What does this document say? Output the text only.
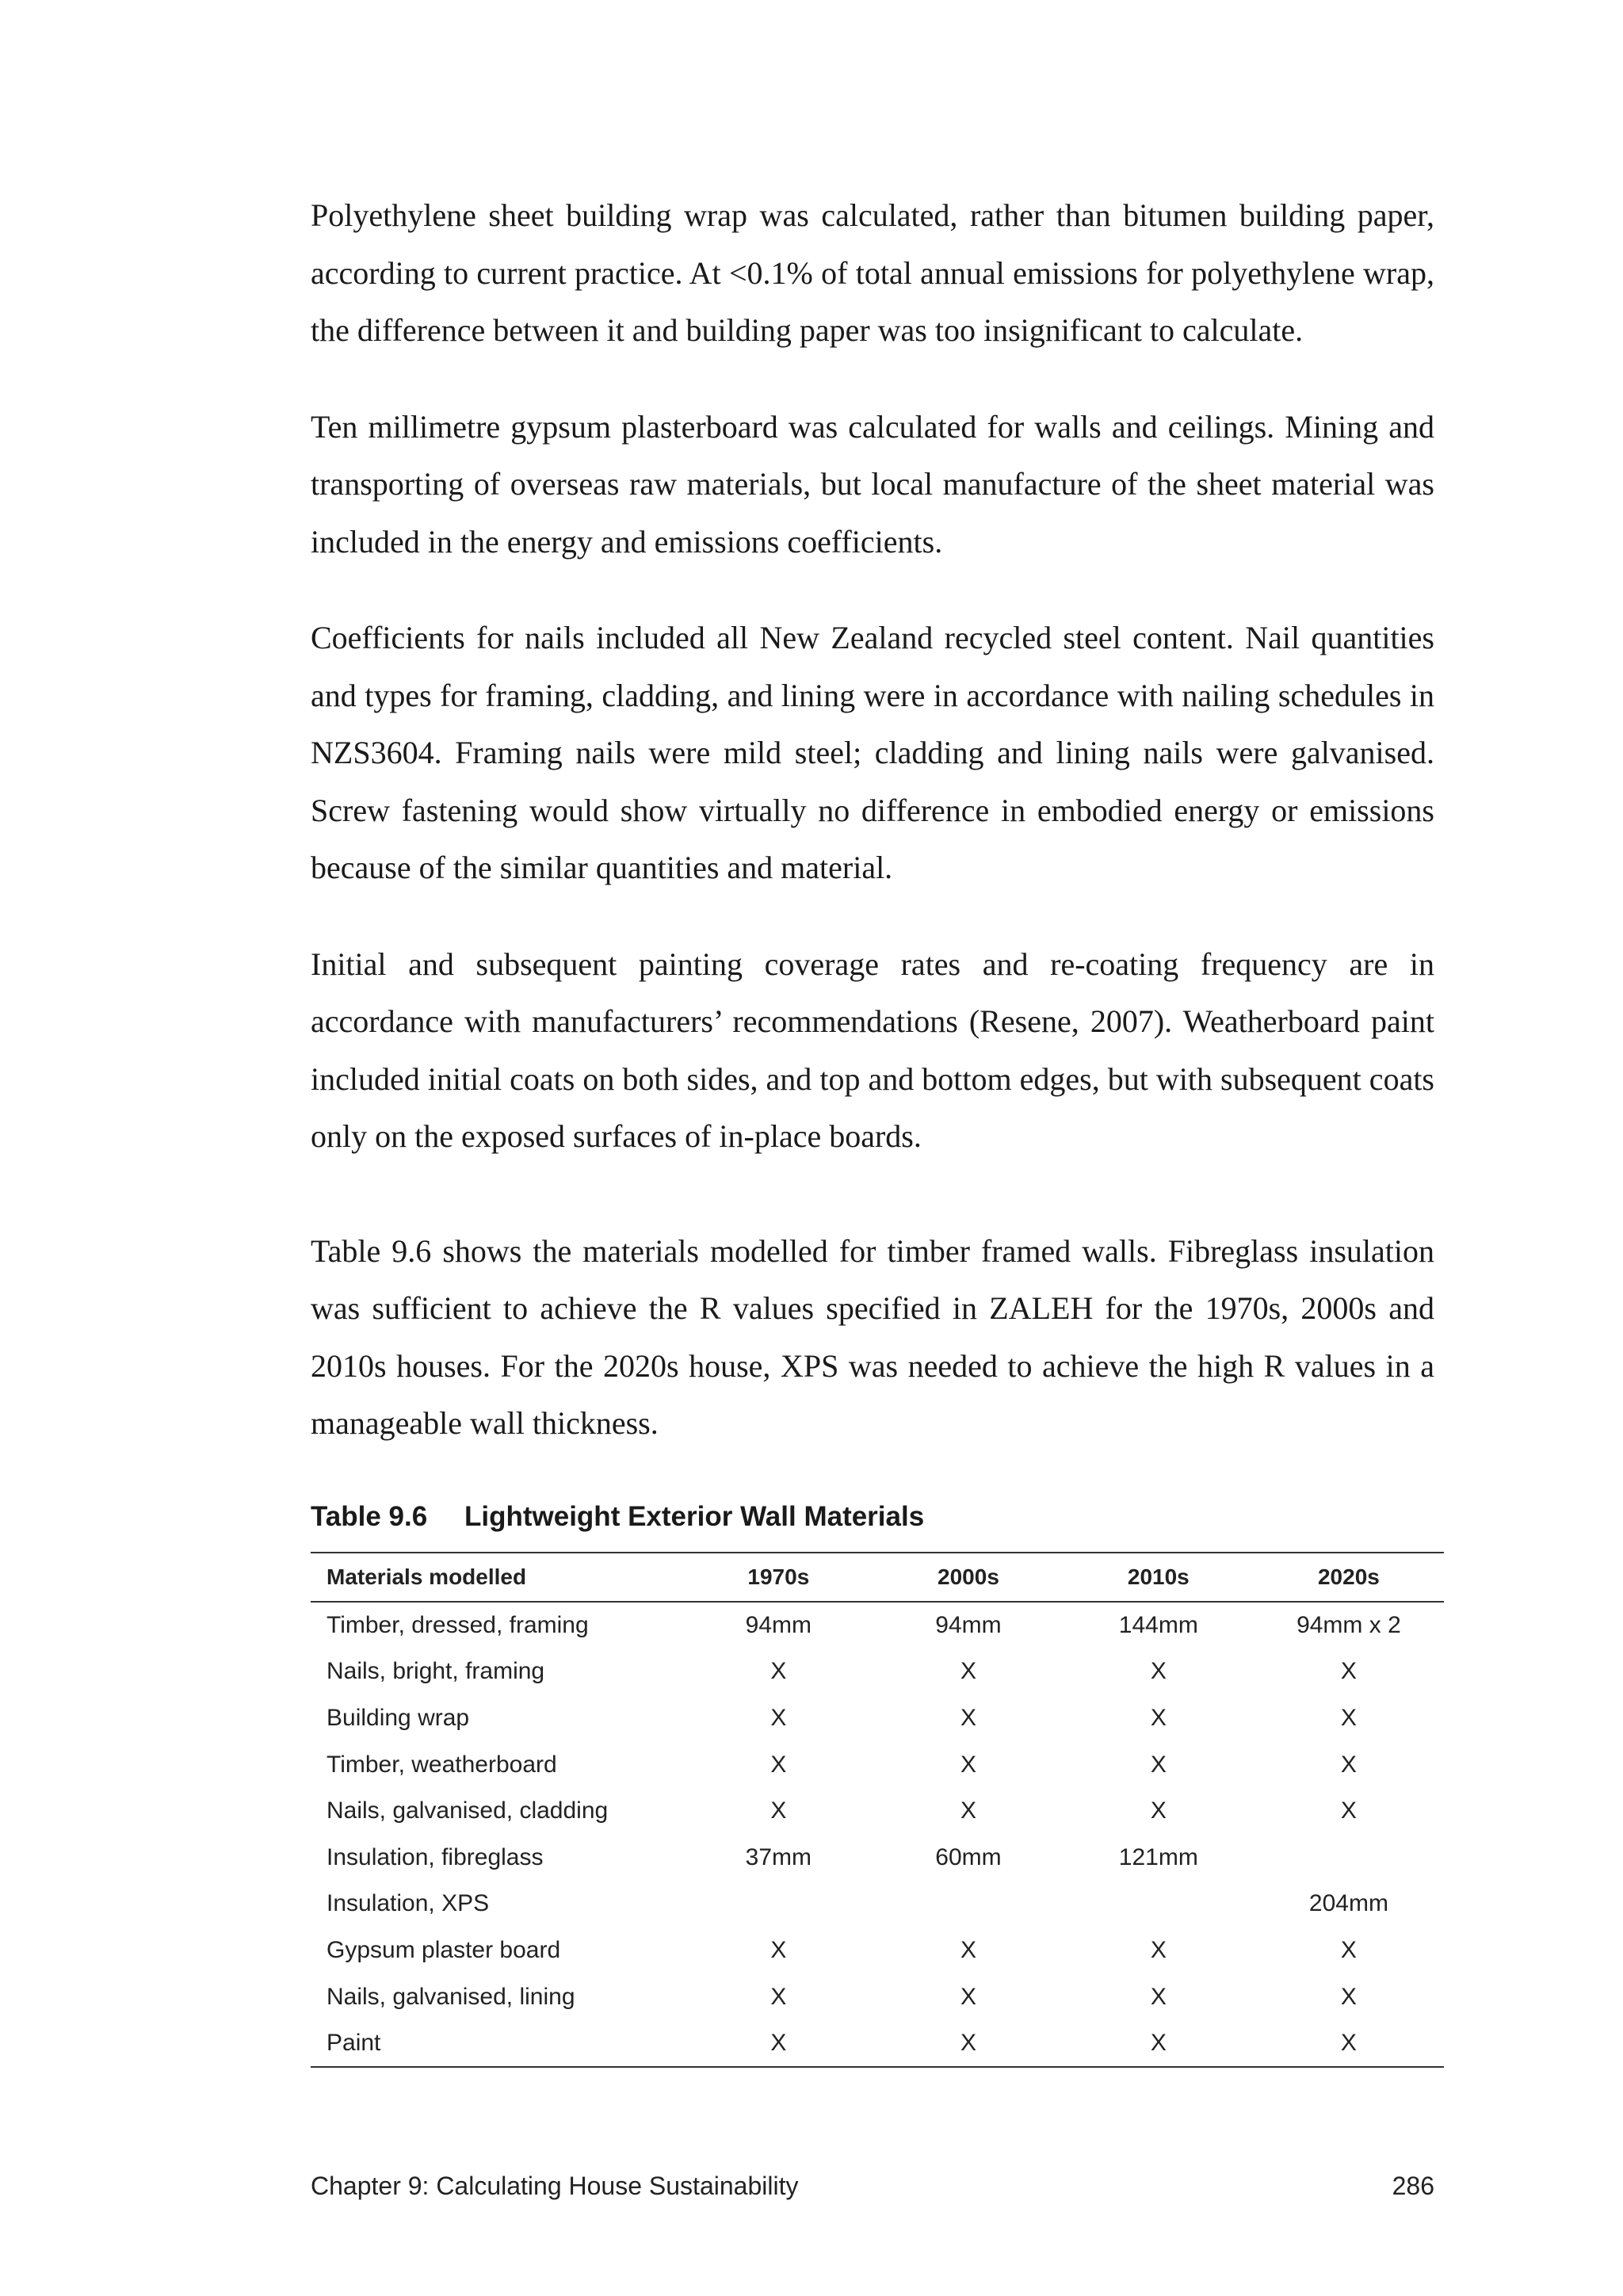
Polyethylene sheet building wrap was calculated, rather than bitumen building paper, according to current practice. At <0.1% of total annual emissions for polyethylene wrap, the difference between it and building paper was too insignificant to calculate.

Ten millimetre gypsum plasterboard was calculated for walls and ceilings. Mining and transporting of overseas raw materials, but local manufacture of the sheet material was included in the energy and emissions coefficients.

Coefficients for nails included all New Zealand recycled steel content. Nail quantities and types for framing, cladding, and lining were in accordance with nailing schedules in NZS3604. Framing nails were mild steel; cladding and lining nails were galvanised. Screw fastening would show virtually no difference in embodied energy or emissions because of the similar quantities and material.

Initial and subsequent painting coverage rates and re-coating frequency are in accordance with manufacturers’ recommendations (Resene, 2007). Weatherboard paint included initial coats on both sides, and top and bottom edges, but with subsequent coats only on the exposed surfaces of in-place boards.

Table 9.6 shows the materials modelled for timber framed walls. Fibreglass insulation was sufficient to achieve the R values specified in ZALEH for the 1970s, 2000s and 2010s houses. For the 2020s house, XPS was needed to achieve the high R values in a manageable wall thickness.

Table 9.6	Lightweight Exterior Wall Materials
Materials modelled	1970s	2000s	2010s	2020s
Timber, dressed, framing	94mm	94mm	144mm	94mm x 2
Nails, bright, framing	X	X	X	X
Building wrap	X	X	X	X
Timber, weatherboard	X	X	X	X
Nails, galvanised, cladding	X	X	X	X
Insulation, fibreglass	37mm	60mm	121mm	
Insulation, XPS				204mm
Gypsum plaster board	X	X	X	X
Nails, galvanised, lining	X	X	X	X
Paint	X	X	X	X
Chapter 9: Calculating House Sustainability	286
